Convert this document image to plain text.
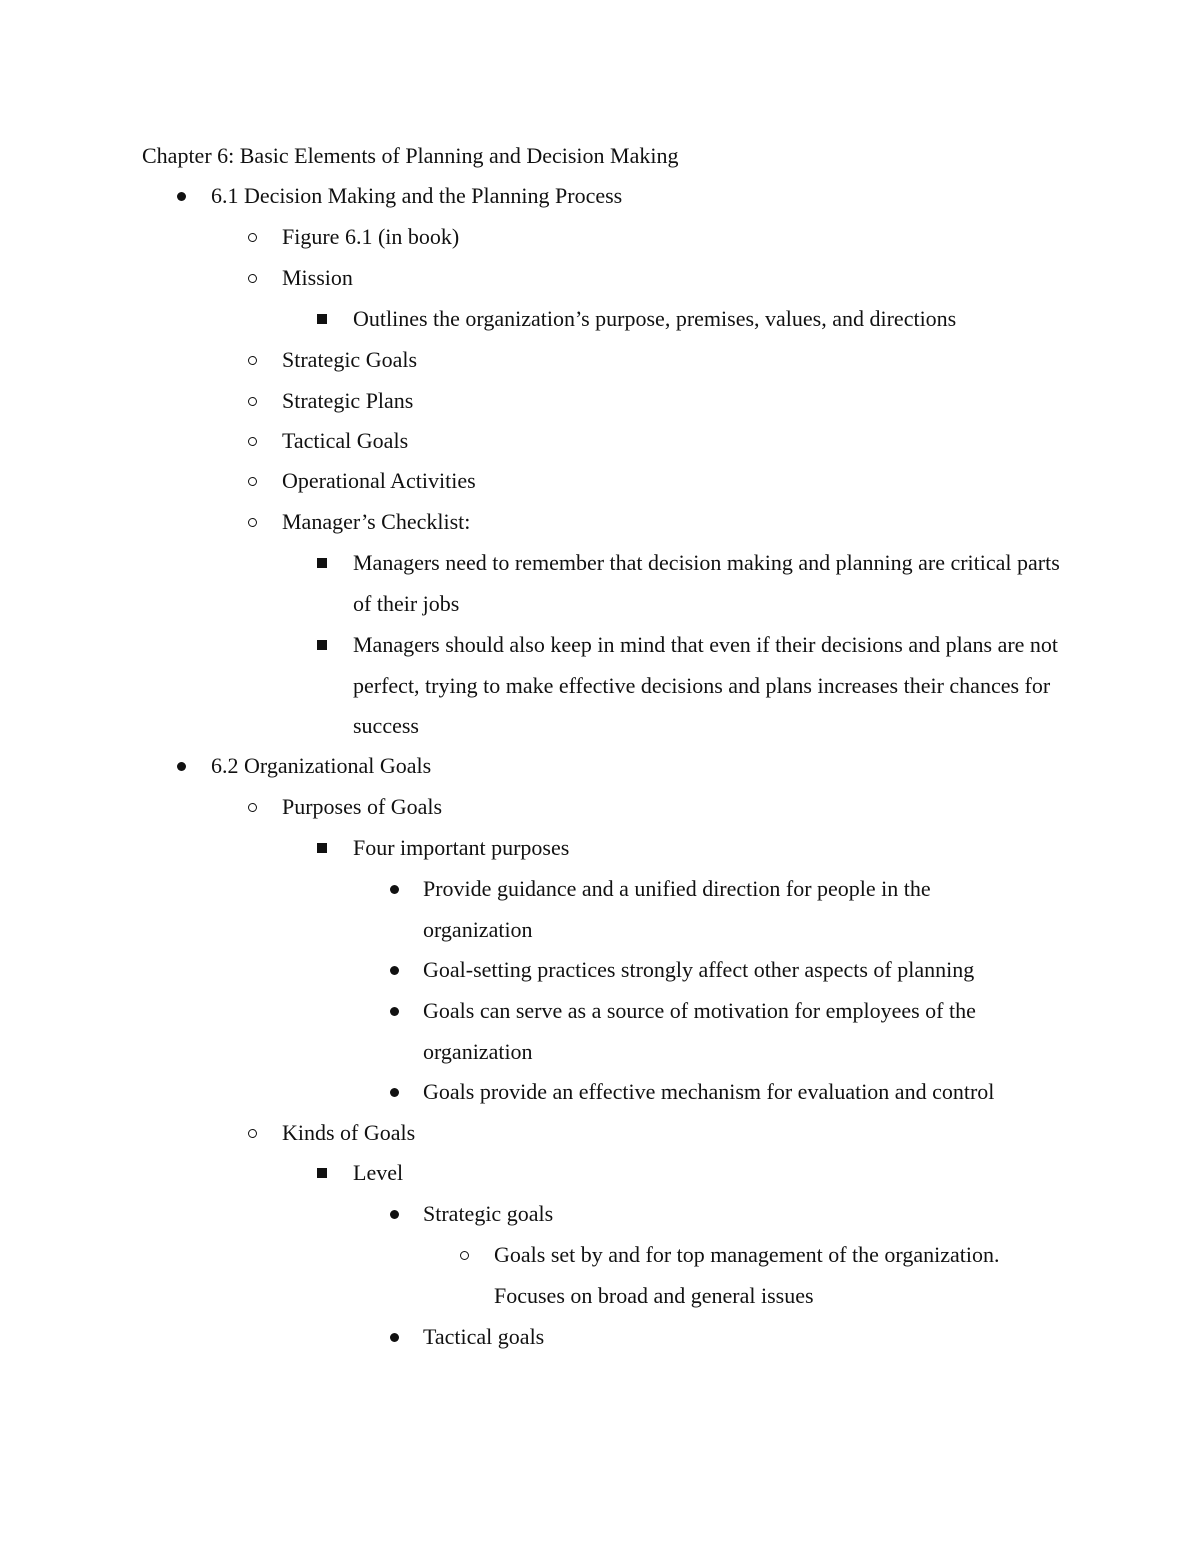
Chapter 6: Basic Elements of Planning and Decision Making
6.1 Decision Making and the Planning Process
Figure 6.1 (in book)
Mission
Outlines the organization’s purpose, premises, values, and directions
Strategic Goals
Strategic Plans
Tactical Goals
Operational Activities
Manager’s Checklist:
Managers need to remember that decision making and planning are critical parts of their jobs
Managers should also keep in mind that even if their decisions and plans are not perfect, trying to make effective decisions and plans increases their chances for success
6.2 Organizational Goals
Purposes of Goals
Four important purposes
Provide guidance and a unified direction for people in the organization
Goal-setting practices strongly affect other aspects of planning
Goals can serve as a source of motivation for employees of the organization
Goals provide an effective mechanism for evaluation and control
Kinds of Goals
Level
Strategic goals
Goals set by and for top management of the organization. Focuses on broad and general issues
Tactical goals
